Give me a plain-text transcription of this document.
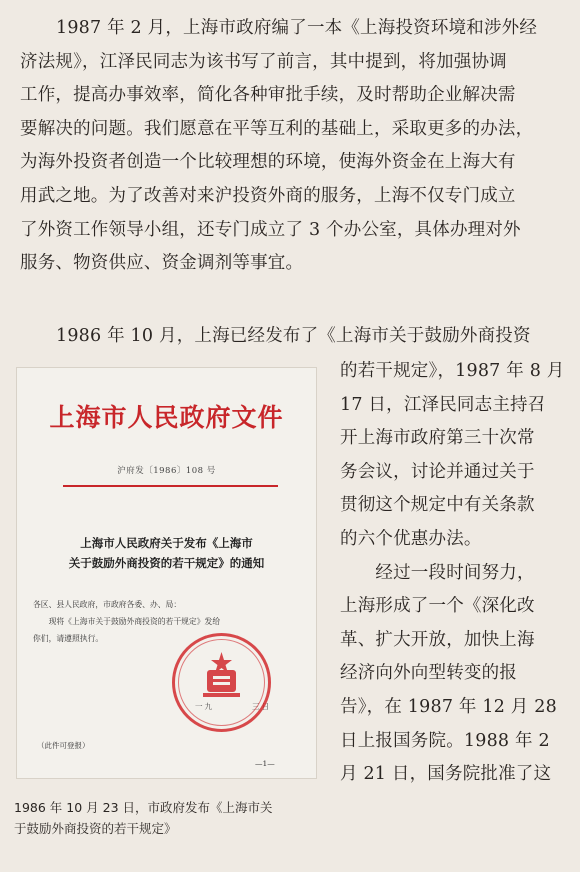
1987 年 2 月，上海市政府编了一本《上海投资环境和涉外经
济法规》，江泽民同志为该书写了前言，其中提到，将加强协调
工作，提高办事效率，简化各种审批手续，及时帮助企业解决需
要解决的问题。我们愿意在平等互利的基础上，采取更多的办法，
为海外投资者创造一个比较理想的环境，使海外资金在上海大有
用武之地。为了改善对来沪投资外商的服务，上海不仅专门成立
了外资工作领导小组，还专门成立了 3 个办公室，具体办理对外
服务、物资供应、资金调剂等事宜。
1986 年 10 月，上海已经发布了《上海市关于鼓励外商投资
的若干规定》，1987 年 8 月
17 日，江泽民同志主持召
开上海市政府第三十次常
务会议，讨论并通过关于
贯彻这个规定中有关条款
的六个优惠办法。
　　经过一段时间努力，
上海形成了一个《深化改
革、扩大开放，加快上海
经济向外向型转变的报
告》，在 1987 年 12 月 28
日上报国务院。1988 年 2
月 21 日，国务院批准了这
上海市人民政府文件
沪府发〔1986〕108 号
上海市人民政府关于发布《上海市
关于鼓励外商投资的若干规定》的通知
各区、县人民政府，市政府各委、办、局：
　　现将《上海市关于鼓励外商投资的若干规定》发给
你们，请遵照执行。
一九　　　　三日
（此件可登报）
—1—
1986 年 10 月 23 日，市政府发布《上海市关
于鼓励外商投资的若干规定》
